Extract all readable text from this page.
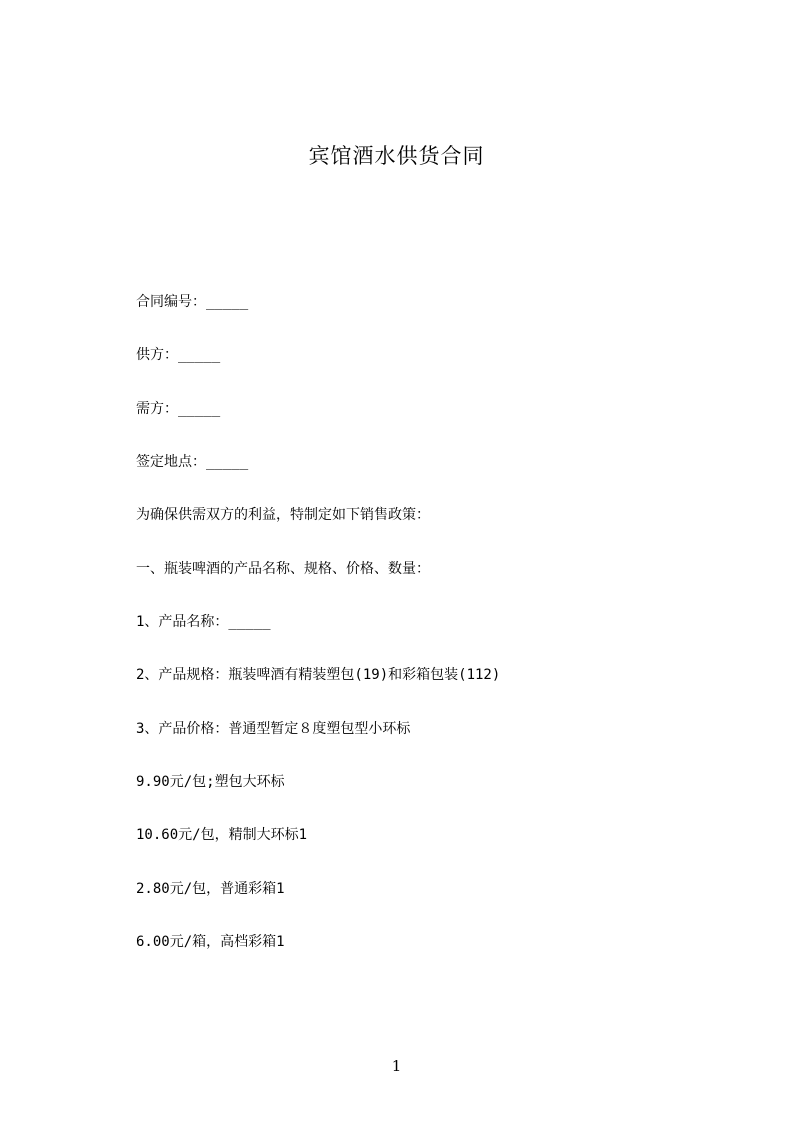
宾馆酒水供货合同
合同编号：_____
供方：_____
需方：_____
签定地点：_____
为确保供需双方的利益，特制定如下销售政策：
一、瓶装啤酒的产品名称、规格、价格、数量：
1、产品名称：_____
2、产品规格：瓶装啤酒有精装塑包(19)和彩箱包装(112)
3、产品价格：普通型暂定８度塑包型小环标
9.90元/包;塑包大环标
10.60元/包，精制大环标1
2.80元/包，普通彩箱1
6.00元/箱，高档彩箱1
1
